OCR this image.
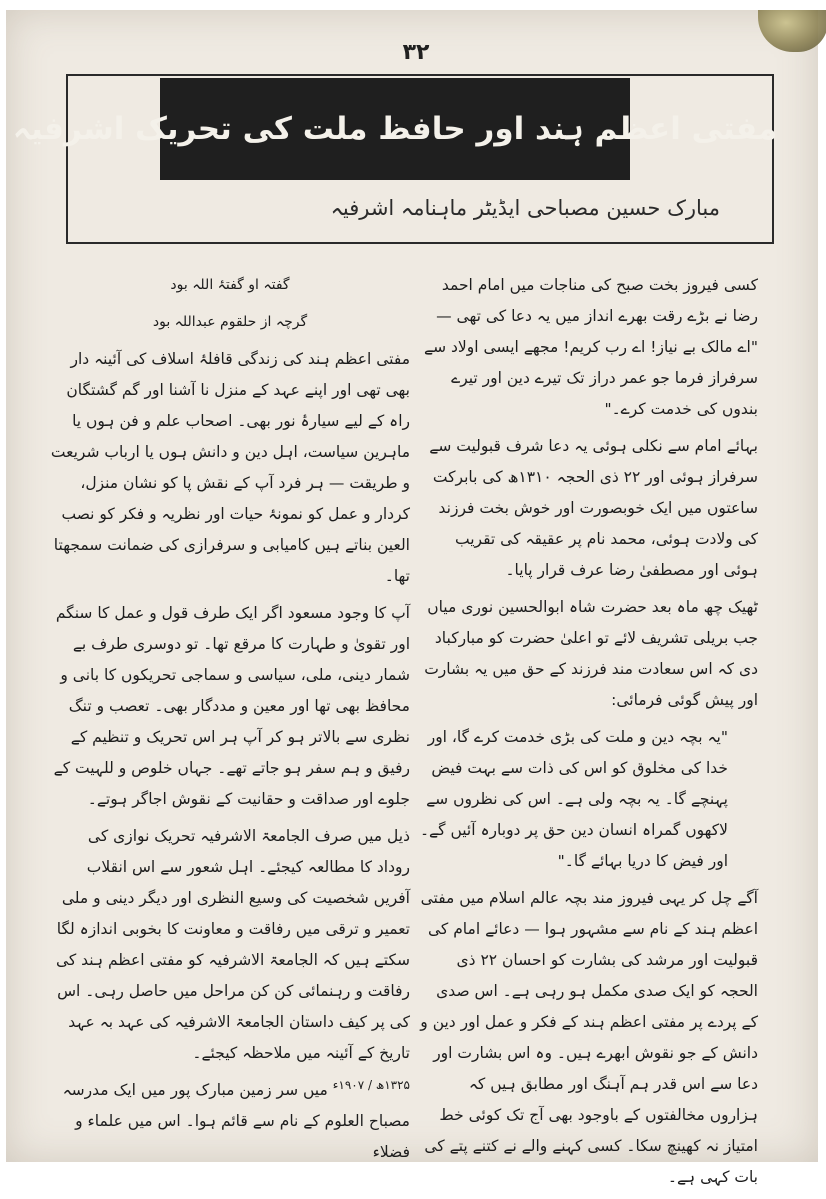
۳۲
مفتی اعظم ہند اور حافظ ملت کی تحریک اشرفیہ
مبارک حسین مصباحی ایڈیٹر ماہنامہ اشرفیہ

کسی فیروز بخت صبح کی مناجات میں امام احمد رضا نے بڑے رقت بھرے انداز میں یہ دعا کی تھی — "اے مالک بے نیاز! اے رب کریم! مجھے ایسی اولاد سے سرفراز فرما جو عمر دراز تک تیرے دین اور تیرے بندوں کی خدمت کرے۔"

بہائے امام سے نکلی ہوئی یہ دعا شرف قبولیت سے سرفراز ہوئی اور ۲۲ ذی الحجہ ۱۳۱۰ھ کی بابرکت ساعتوں میں ایک خوبصورت اور خوش بخت فرزند کی ولادت ہوئی، محمد نام پر عقیقہ کی تقریب ہوئی اور مصطفیٰ رضا عرف قرار پایا۔

ٹھیک چھ ماہ بعد حضرت شاہ ابوالحسین نوری میاں جب بریلی تشریف لائے تو اعلیٰ حضرت کو مبارکباد دی کہ اس سعادت مند فرزند کے حق میں یہ بشارت اور پیش گوئی فرمائی:

"یہ بچہ دین و ملت کی بڑی خدمت کرے گا، اور خدا کی مخلوق کو اس کی ذات سے بہت فیض پہنچے گا۔ یہ بچہ ولی ہے۔ اس کی نظروں سے لاکھوں گمراہ انسان دین حق پر دوبارہ آئیں گے۔ اور فیض کا دریا بہائے گا۔"

آگے چل کر یہی فیروز مند بچہ عالم اسلام میں مفتی اعظم ہند کے نام سے مشہور ہوا — دعائے امام کی قبولیت اور مرشد کی بشارت کو احسان ۲۲ ذی الحجہ کو ایک صدی مکمل ہو رہی ہے۔ اس صدی کے پردے پر مفتی اعظم ہند کے فکر و عمل اور دین و دانش کے جو نقوش ابھرے ہیں۔ وہ اس بشارت اور دعا سے اس قدر ہم آہنگ اور مطابق ہیں کہ ہزاروں مخالفتوں کے باوجود بھی آج تک کوئی خط امتیاز نہ کھینچ سکا۔ کسی کہنے والے نے کتنے پتے کی بات کہی ہے۔

گفتہ او گفتۂ اللہ بود

گرچہ از حلقوم عبداللہ بود

مفتی اعظم ہند کی زندگی قافلۂ اسلاف کی آئینہ دار بھی تھی اور اپنے عہد کے منزل نا آشنا اور گم گشتگان راہ کے لیے سیارۂ نور بھی۔ اصحاب علم و فن ہوں یا ماہرین سیاست، اہل دین و دانش ہوں یا ارباب شریعت و طریقت — ہر فرد آپ کے نقش پا کو نشان منزل، کردار و عمل کو نمونۂ حیات اور نظریہ و فکر کو نصب العین بناتے ہیں کامیابی و سرفرازی کی ضمانت سمجھتا تھا۔

آپ کا وجود مسعود اگر ایک طرف قول و عمل کا سنگم اور تقویٰ و طہارت کا مرقع تھا۔ تو دوسری طرف بے شمار دینی، ملی، سیاسی و سماجی تحریکوں کا بانی و محافظ بھی تھا اور معین و مددگار بھی۔ تعصب و تنگ نظری سے بالاتر ہو کر آپ ہر اس تحریک و تنظیم کے رفیق و ہم سفر ہو جاتے تھے۔ جہاں خلوص و للہیت کے جلوے اور صداقت و حقانیت کے نقوش اجاگر ہوتے۔

ذیل میں صرف الجامعۃ الاشرفیہ تحریک نوازی کی روداد کا مطالعہ کیجئے۔ اہل شعور سے اس انقلاب آفریں شخصیت کی وسیع النظری اور دیگر دینی و ملی تعمیر و ترقی میں رفاقت و معاونت کا بخوبی اندازہ لگا سکتے ہیں کہ الجامعۃ الاشرفیہ کو مفتی اعظم ہند کی رفاقت و رہنمائی کن کن مراحل میں حاصل رہی۔ اس کی پر کیف داستان الجامعۃ الاشرفیہ کی عہد بہ عہد تاریخ کے آئینہ میں ملاحظہ کیجئے۔

۱۳۲۵ھ / ۱۹۰۷ء میں سر زمین مبارک پور میں ایک مدرسہ مصباح العلوم کے نام سے قائم ہوا۔ اس میں علماء و فضلاء
